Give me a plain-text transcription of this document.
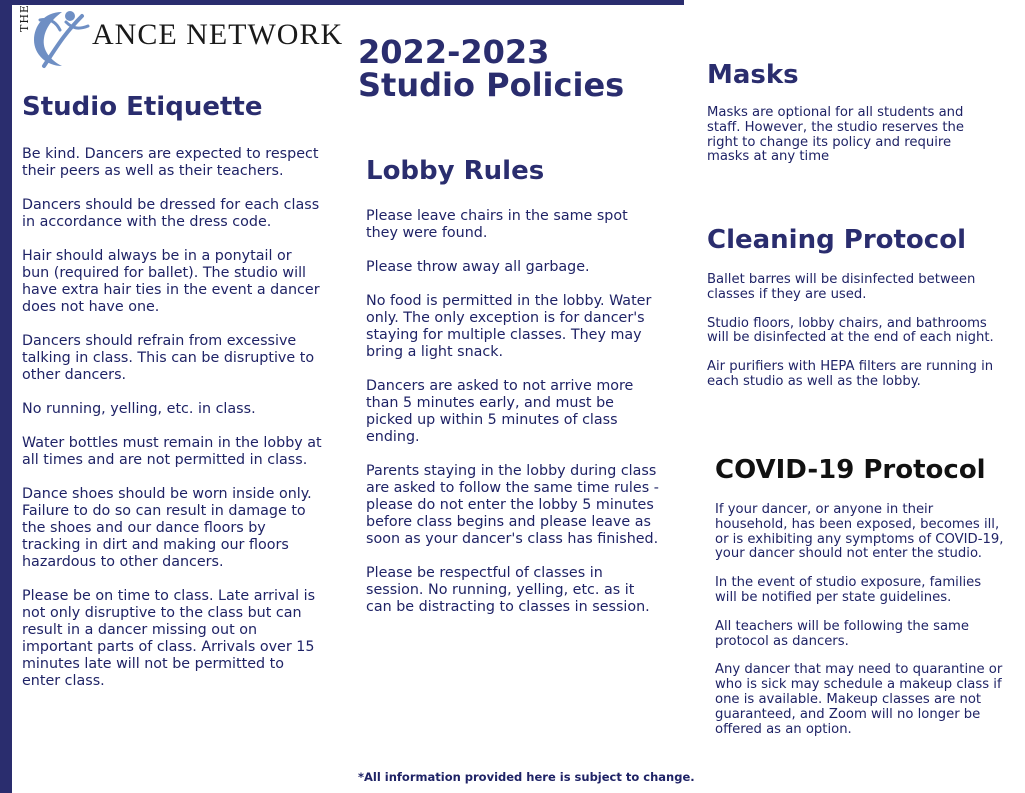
THE ANCE NETWORK 2022-2023
Studio Policies
Studio Etiquette

Be kind. Dancers are expected to respect their peers as well as their teachers.

Dancers should be dressed for each class in accordance with the dress code.

Hair should always be in a ponytail or bun (required for ballet). The studio will have extra hair ties in the event a dancer does not have one.

Dancers should refrain from excessive talking in class. This can be disruptive to other dancers.

No running, yelling, etc. in class.

Water bottles must remain in the lobby at all times and are not permitted in class.

Dance shoes should be worn inside only. Failure to do so can result in damage to the shoes and our dance floors by tracking in dirt and making our floors hazardous to other dancers.

Please be on time to class. Late arrival is not only disruptive to the class but can result in a dancer missing out on important parts of class. Arrivals over 15 minutes late will not be permitted to enter class.

Lobby Rules

Please leave chairs in the same spot they were found.

Please throw away all garbage.

No food is permitted in the lobby. Water only. The only exception is for dancer's staying for multiple classes. They may bring a light snack.

Dancers are asked to not arrive more than 5 minutes early, and must be picked up within 5 minutes of class ending.

Parents staying in the lobby during class are asked to follow the same time rules - please do not enter the lobby 5 minutes before class begins and please leave as soon as your dancer's class has finished.

Please be respectful of classes in session. No running, yelling, etc. as it can be distracting to classes in session.

Masks

Masks are optional for all students and staff. However, the studio reserves the right to change its policy and require masks at any time

Cleaning Protocol

Ballet barres will be disinfected between classes if they are used.

Studio floors, lobby chairs, and bathrooms will be disinfected at the end of each night.

Air purifiers with HEPA filters are running in each studio as well as the lobby.

COVID-19 Protocol

If your dancer, or anyone in their household, has been exposed, becomes ill, or is exhibiting any symptoms of COVID-19, your dancer should not enter the studio.

In the event of studio exposure, families will be notified per state guidelines.

All teachers will be following the same protocol as dancers.

Any dancer that may need to quarantine or who is sick may schedule a makeup class if one is available. Makeup classes are not guaranteed, and Zoom will no longer be offered as an option.

*All information provided here is subject to change.
